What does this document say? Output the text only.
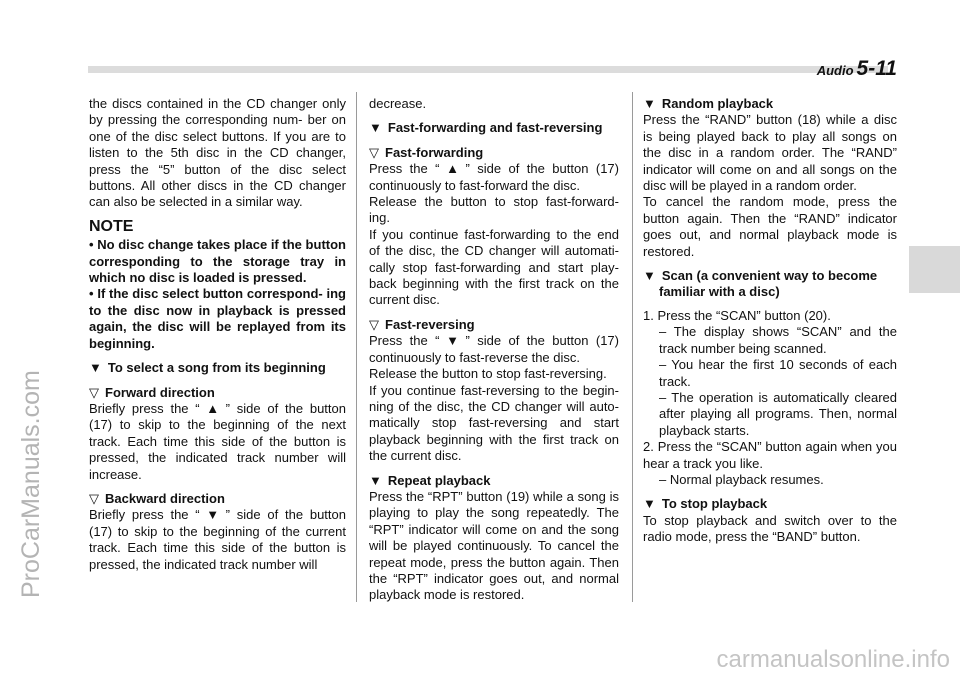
Audio 5-11
ProCarManuals.com
carmanualsonline.info

the discs contained in the CD changer only by pressing the corresponding num- ber on one of the disc select buttons. If you are to listen to the 5th disc in the CD changer, press the “5” button of the disc select buttons. All other discs in the CD changer can also be selected in a similar way.

NOTE
• No disc change takes place if the button corresponding to the storage tray in which no disc is loaded is pressed.
• If the disc select button correspond- ing to the disc now in playback is pressed again, the disc will be replayed from its beginning.
▼ To select a song from its beginning
▽ Forward direction

Briefly press the “ ▲ ” side of the button (17) to skip to the beginning of the next track. Each time this side of the button is pressed, the indicated track number will increase.

▽ Backward direction

Briefly press the “ ▼ ” side of the button (17) to skip to the beginning of the current track. Each time this side of the button is pressed, the indicated track number will

decrease.

▼ Fast-forwarding and fast-reversing
▽ Fast-forwarding

Press the “ ▲ ” side of the button (17) continuously to fast-forward the disc.

Release the button to stop fast-forward- ing.

If you continue fast-forwarding to the end of the disc, the CD changer will automati- cally stop fast-forwarding and start play- back beginning with the first track on the current disc.

▽ Fast-reversing

Press the “ ▼ ” side of the button (17) continuously to fast-reverse the disc.

Release the button to stop fast-reversing.

If you continue fast-reversing to the begin- ning of the disc, the CD changer will auto- matically stop fast-reversing and start playback beginning with the first track on the current disc.

▼ Repeat playback

Press the “RPT” button (19) while a song is playing to play the song repeatedly. The “RPT” indicator will come on and the song will be played continuously. To cancel the repeat mode, press the button again. Then the “RPT” indicator goes out, and normal playback mode is restored.

▼ Random playback

Press the “RAND” button (18) while a disc is being played back to play all songs on the disc in a random order. The “RAND” indicator will come on and all songs on the disc will be played in a random order.

To cancel the random mode, press the button again. Then the “RAND” indicator goes out, and normal playback mode is restored.

▼ Scan (a convenient way to become familiar with a disc)

1. Press the “SCAN” button (20).

– The display shows “SCAN” and the track number being scanned.

– You hear the first 10 seconds of each track.

– The operation is automatically cleared after playing all programs. Then, normal playback starts.

2. Press the “SCAN” button again when you hear a track you like.

– Normal playback resumes.

▼ To stop playback

To stop playback and switch over to the radio mode, press the “BAND” button.
